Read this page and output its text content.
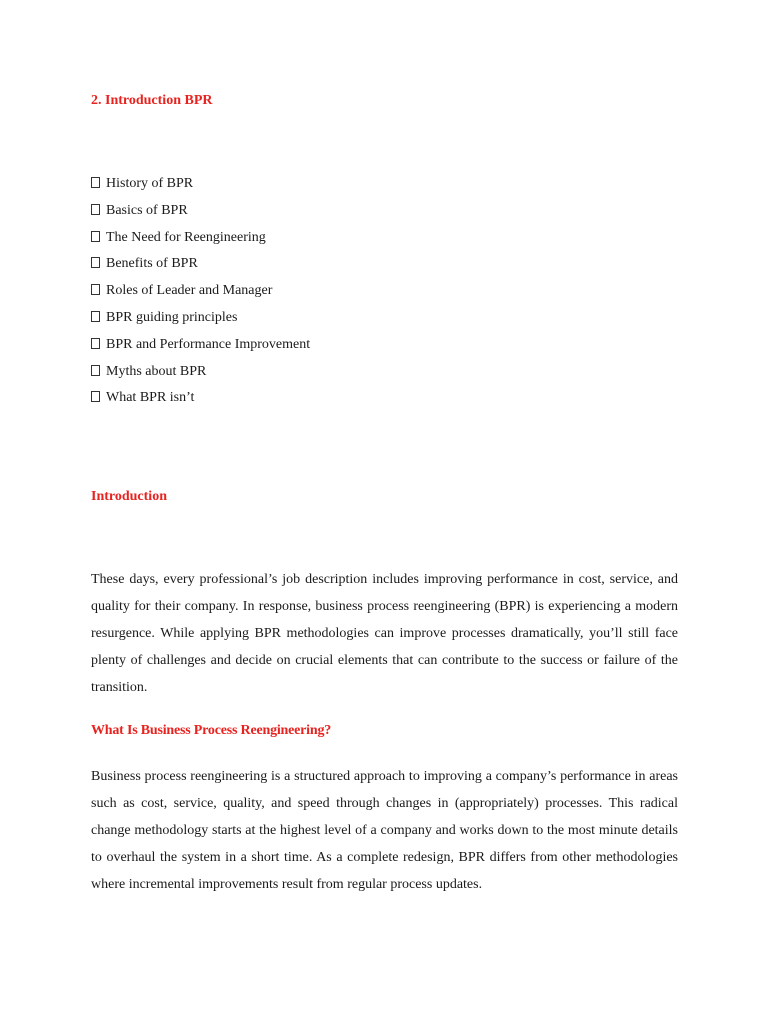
2. Introduction BPR
History of BPR
Basics of BPR
The Need for Reengineering
Benefits of BPR
Roles of Leader and Manager
BPR guiding principles
BPR and Performance Improvement
Myths about BPR
What BPR isn’t
Introduction

These days, every professional’s job description includes improving performance in cost, service, and quality for their company. In response, business process reengineering (BPR) is experiencing a modern resurgence. While applying BPR methodologies can improve processes dramatically, you’ll still face plenty of challenges and decide on crucial elements that can contribute to the success or failure of the transition.

What Is Business Process Reengineering?

Business process reengineering is a structured approach to improving a company’s performance in areas such as cost, service, quality, and speed through changes in (appropriately) processes. This radical change methodology starts at the highest level of a company and works down to the most minute details to overhaul the system in a short time. As a complete redesign, BPR differs from other methodologies where incremental improvements result from regular process updates.
